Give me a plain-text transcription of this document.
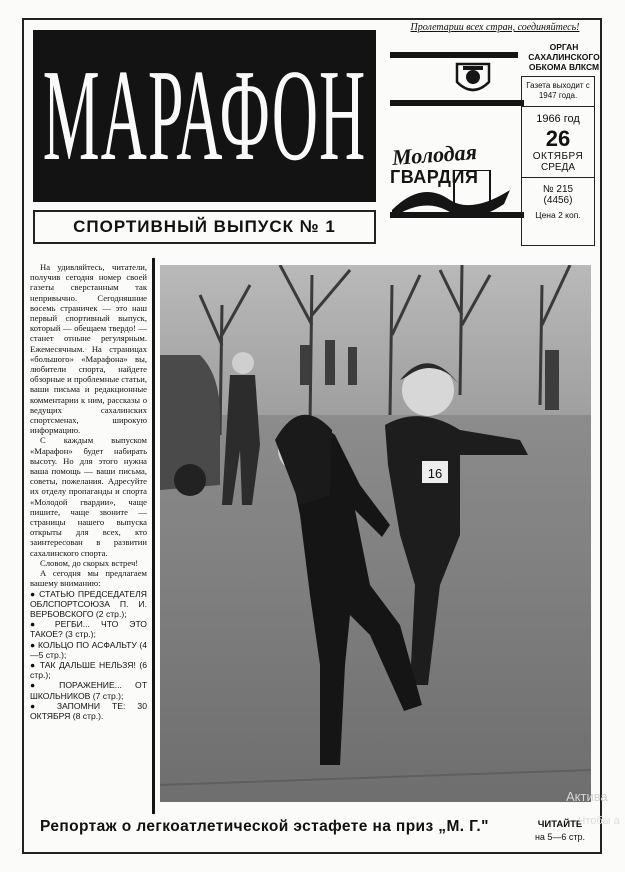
МАРАФОН
СПОРТИВНЫЙ ВЫПУСК № 1
Пролетарии всех стран, соединяйтесь!
ОРГАН САХАЛИНСКОГО ОБКОМА ВЛКСМ
Молодая
ГВАРДИЯ
Газета выходит с 1947 года.
1966 год
26
ОКТЯБРЯ
СРЕДА
№ 215
(4456)
Цена 2 коп.

На удивляйтесь, читатели, получив сегодня номер своей газеты сверстанным так непривычно. Сегодняшние восемь страничек — это наш первый спортивный выпуск, который — обещаем твердо! — станет отныне регулярным. Ежемесячным. На страницах «большого» «Марафона» вы, любители спорта, найдете обзорные и проблемные статьи, ваши письма и редакционные комментарии к ним, рассказы о ведущих сахалинских спортсменах, широкую информацию.

С каждым выпуском «Марафон» будет набирать высоту. Но для этого нужна ваша помощь — ваши письма, советы, пожелания. Адресуйте их отделу пропаганды и спорта «Молодой гвардии», чаще пишите, чаще звоните — страницы нашего выпуска открыты для всех, кто заинтересован в развитии сахалинского спорта.

Словом, до скорых встреч!

А сегодня мы предлагаем вашему вниманию:

● СТАТЬЮ ПРЕДСЕДАТЕЛЯ ОБЛСПОРТСОЮЗА П. И. ВЕРБОВСКОГО (2 стр.);

● РЕГБИ... ЧТО ЭТО ТАКОЕ? (3 стр.);

● КОЛЬЦО ПО АСФАЛЬТУ (4—5 стр.);

● ТАК ДАЛЬШЕ НЕЛЬЗЯ! (6 стр.);

● ПОРАЖЕНИЕ... ОТ ШКОЛЬНИКОВ (7 стр.);

● ЗАПОМНИ ТЕ: 30 ОКТЯБРЯ (8 стр.).

16
Репортаж о легкоатлетической эстафете на приз „М. Г."	ЧИТАЙТЕ
на 5—6 стр.
Актива
Чтобы а
